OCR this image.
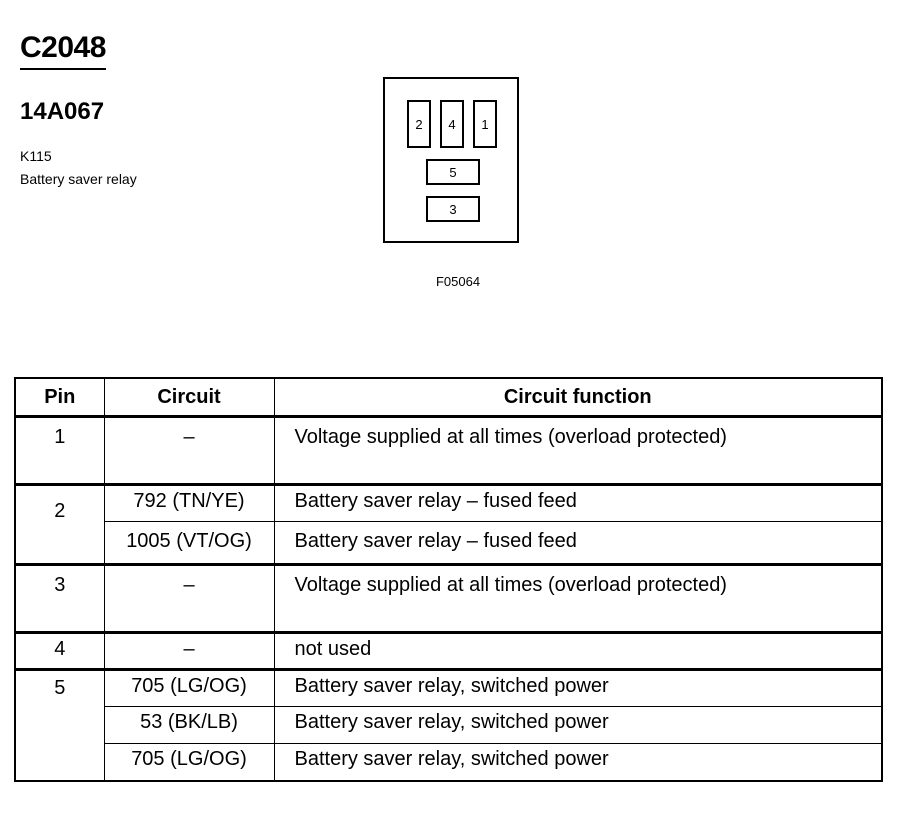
C2048
14A067
K115
Battery saver relay
2	4	1
5
3
F05064
Pin	Circuit	Circuit function
1	–	Voltage supplied at all times (overload protected)
2	792 (TN/YE)	Battery saver relay – fused feed
	1005 (VT/OG)	Battery saver relay – fused feed
3	–	Voltage supplied at all times (overload protected)
4	–	not used
5	705 (LG/OG)	Battery saver relay, switched power
	53 (BK/LB)	Battery saver relay, switched power
	705 (LG/OG)	Battery saver relay, switched power
